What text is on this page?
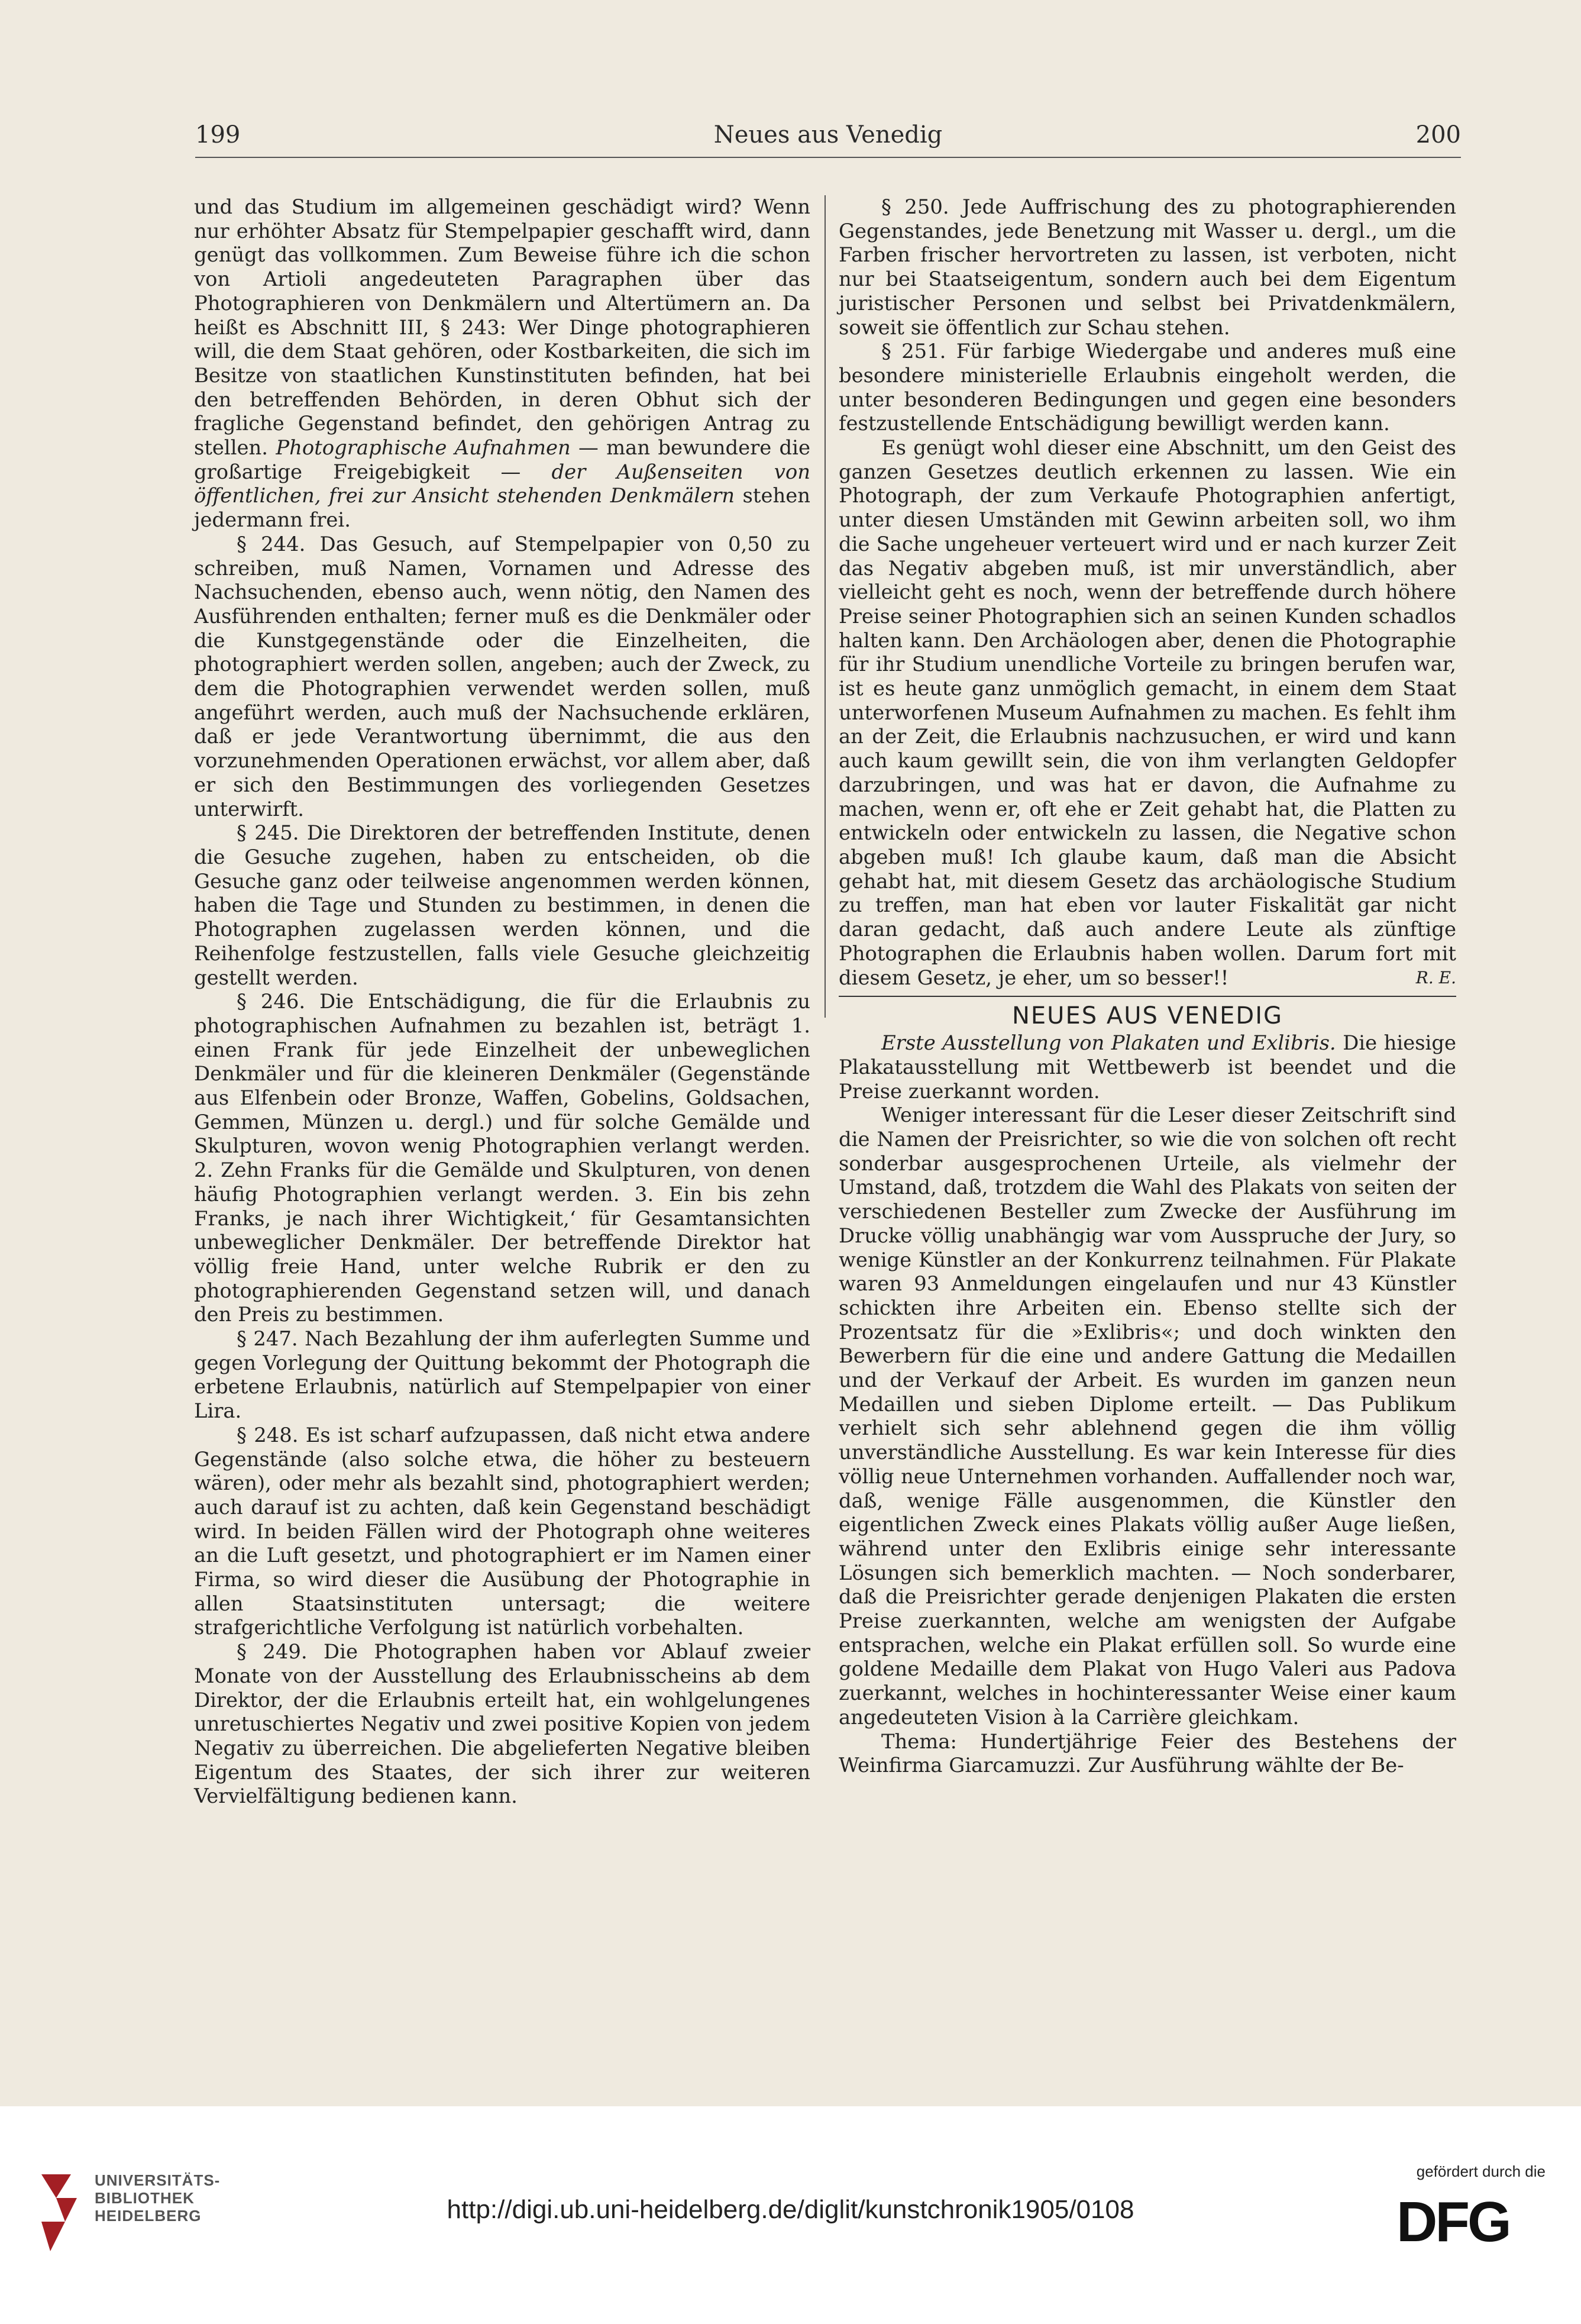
199	Neues aus Venedig	200

und das Studium im allgemeinen geschädigt wird? Wenn nur erhöhter Absatz für Stempelpapier geschafft wird, dann genügt das vollkommen. Zum Beweise führe ich die schon von Artioli angedeuteten Paragraphen über das Photographieren von Denkmälern und Altertümern an. Da heißt es Abschnitt III, § 243: Wer Dinge photographieren will, die dem Staat gehören, oder Kostbarkeiten, die sich im Besitze von staatlichen Kunstinstituten befinden, hat bei den betreffenden Behörden, in deren Obhut sich der fragliche Gegenstand befindet, den gehörigen Antrag zu stellen. Photographische Aufnahmen — man bewundere die großartige Freigebigkeit — der Außenseiten von öffentlichen, frei zur Ansicht stehenden Denkmälern stehen jedermann frei.

§ 244. Das Gesuch, auf Stempelpapier von 0,50 zu schreiben, muß Namen, Vornamen und Adresse des Nachsuchenden, ebenso auch, wenn nötig, den Namen des Ausführenden enthalten; ferner muß es die Denkmäler oder die Kunstgegenstände oder die Einzelheiten, die photographiert werden sollen, angeben; auch der Zweck, zu dem die Photographien verwendet werden sollen, muß angeführt werden, auch muß der Nachsuchende erklären, daß er jede Verantwortung übernimmt, die aus den vorzunehmenden Operationen erwächst, vor allem aber, daß er sich den Bestimmungen des vorliegenden Gesetzes unterwirft.

§ 245. Die Direktoren der betreffenden Institute, denen die Gesuche zugehen, haben zu entscheiden, ob die Gesuche ganz oder teilweise angenommen werden können, haben die Tage und Stunden zu bestimmen, in denen die Photographen zugelassen werden können, und die Reihenfolge festzustellen, falls viele Gesuche gleichzeitig gestellt werden.

§ 246. Die Entschädigung, die für die Erlaubnis zu photographischen Aufnahmen zu bezahlen ist, beträgt 1. einen Frank für jede Einzelheit der unbeweglichen Denkmäler und für die kleineren Denkmäler (Gegenstände aus Elfenbein oder Bronze, Waffen, Gobelins, Goldsachen, Gemmen, Münzen u. dergl.) und für solche Gemälde und Skulpturen, wovon wenig Photographien verlangt werden. 2. Zehn Franks für die Gemälde und Skulpturen, von denen häufig Photographien verlangt werden. 3. Ein bis zehn Franks, je nach ihrer Wichtigkeit,‘ für Gesamtansichten unbeweglicher Denkmäler. Der betreffende Direktor hat völlig freie Hand, unter welche Rubrik er den zu photographierenden Gegenstand setzen will, und danach den Preis zu bestimmen.

§ 247. Nach Bezahlung der ihm auferlegten Summe und gegen Vorlegung der Quittung bekommt der Photograph die erbetene Erlaubnis, natürlich auf Stempelpapier von einer Lira.

§ 248. Es ist scharf aufzupassen, daß nicht etwa andere Gegenstände (also solche etwa, die höher zu besteuern wären), oder mehr als bezahlt sind, photographiert werden; auch darauf ist zu achten, daß kein Gegenstand beschädigt wird. In beiden Fällen wird der Photograph ohne weiteres an die Luft gesetzt, und photographiert er im Namen einer Firma, so wird dieser die Ausübung der Photographie in allen Staatsinstituten untersagt; die weitere strafgerichtliche Verfolgung ist natürlich vorbehalten.

§ 249. Die Photographen haben vor Ablauf zweier Monate von der Ausstellung des Erlaubnisscheins ab dem Direktor, der die Erlaubnis erteilt hat, ein wohlgelungenes unretuschiertes Negativ und zwei positive Kopien von jedem Negativ zu überreichen. Die abgelieferten Negative bleiben Eigentum des Staates, der sich ihrer zur weiteren Vervielfältigung bedienen kann.

§ 250. Jede Auffrischung des zu photographierenden Gegenstandes, jede Benetzung mit Wasser u. dergl., um die Farben frischer hervortreten zu lassen, ist verboten, nicht nur bei Staatseigentum, sondern auch bei dem Eigentum juristischer Personen und selbst bei Privatdenkmälern, soweit sie öffentlich zur Schau stehen.

§ 251. Für farbige Wiedergabe und anderes muß eine besondere ministerielle Erlaubnis eingeholt werden, die unter besonderen Bedingungen und gegen eine besonders festzustellende Entschädigung bewilligt werden kann.

Es genügt wohl dieser eine Abschnitt, um den Geist des ganzen Gesetzes deutlich erkennen zu lassen. Wie ein Photograph, der zum Verkaufe Photographien anfertigt, unter diesen Umständen mit Gewinn arbeiten soll, wo ihm die Sache ungeheuer verteuert wird und er nach kurzer Zeit das Negativ abgeben muß, ist mir unverständlich, aber vielleicht geht es noch, wenn der betreffende durch höhere Preise seiner Photographien sich an seinen Kunden schadlos halten kann. Den Archäologen aber, denen die Photographie für ihr Studium unendliche Vorteile zu bringen berufen war, ist es heute ganz unmöglich gemacht, in einem dem Staat unterworfenen Museum Aufnahmen zu machen. Es fehlt ihm an der Zeit, die Erlaubnis nachzusuchen, er wird und kann auch kaum gewillt sein, die von ihm verlangten Geldopfer darzubringen, und was hat er davon, die Aufnahme zu machen, wenn er, oft ehe er Zeit gehabt hat, die Platten zu entwickeln oder entwickeln zu lassen, die Negative schon abgeben muß! Ich glaube kaum, daß man die Absicht gehabt hat, mit diesem Gesetz das archäologische Studium zu treffen, man hat eben vor lauter Fiskalität gar nicht daran gedacht, daß auch andere Leute als zünftige Photographen die Erlaubnis haben wollen. Darum fort mit diesem Gesetz, je eher, um so besser!!	R. E.

NEUES AUS VENEDIG

Erste Ausstellung von Plakaten und Exlibris. Die hiesige Plakatausstellung mit Wettbewerb ist beendet und die Preise zuerkannt worden.

Weniger interessant für die Leser dieser Zeitschrift sind die Namen der Preisrichter, so wie die von solchen oft recht sonderbar ausgesprochenen Urteile, als vielmehr der Umstand, daß, trotzdem die Wahl des Plakats von seiten der verschiedenen Besteller zum Zwecke der Ausführung im Drucke völlig unabhängig war vom Ausspruche der Jury, so wenige Künstler an der Konkurrenz teilnahmen. Für Plakate waren 93 Anmeldungen eingelaufen und nur 43 Künstler schickten ihre Arbeiten ein. Ebenso stellte sich der Prozentsatz für die »Exlibris«; und doch winkten den Bewerbern für die eine und andere Gattung die Medaillen und der Verkauf der Arbeit. Es wurden im ganzen neun Medaillen und sieben Diplome erteilt. — Das Publikum verhielt sich sehr ablehnend gegen die ihm völlig unverständliche Ausstellung. Es war kein Interesse für dies völlig neue Unternehmen vorhanden. Auffallender noch war, daß, wenige Fälle ausgenommen, die Künstler den eigentlichen Zweck eines Plakats völlig außer Auge ließen, während unter den Exlibris einige sehr interessante Lösungen sich bemerklich machten. — Noch sonderbarer, daß die Preisrichter gerade denjenigen Plakaten die ersten Preise zuerkannten, welche am wenigsten der Aufgabe entsprachen, welche ein Plakat erfüllen soll. So wurde eine goldene Medaille dem Plakat von Hugo Valeri aus Padova zuerkannt, welches in hochinteressanter Weise einer kaum angedeuteten Vision à la Carrière gleichkam.

Thema: Hundertjährige Feier des Bestehens der Weinfirma Giarcamuzzi. Zur Ausführung wählte der Be-

UNIVERSITÄTS-
BIBLIOTHEK
HEIDELBERG	http://digi.ub.uni-heidelberg.de/diglit/kunstchronik1905/0108
gefördert durch die
DFG
